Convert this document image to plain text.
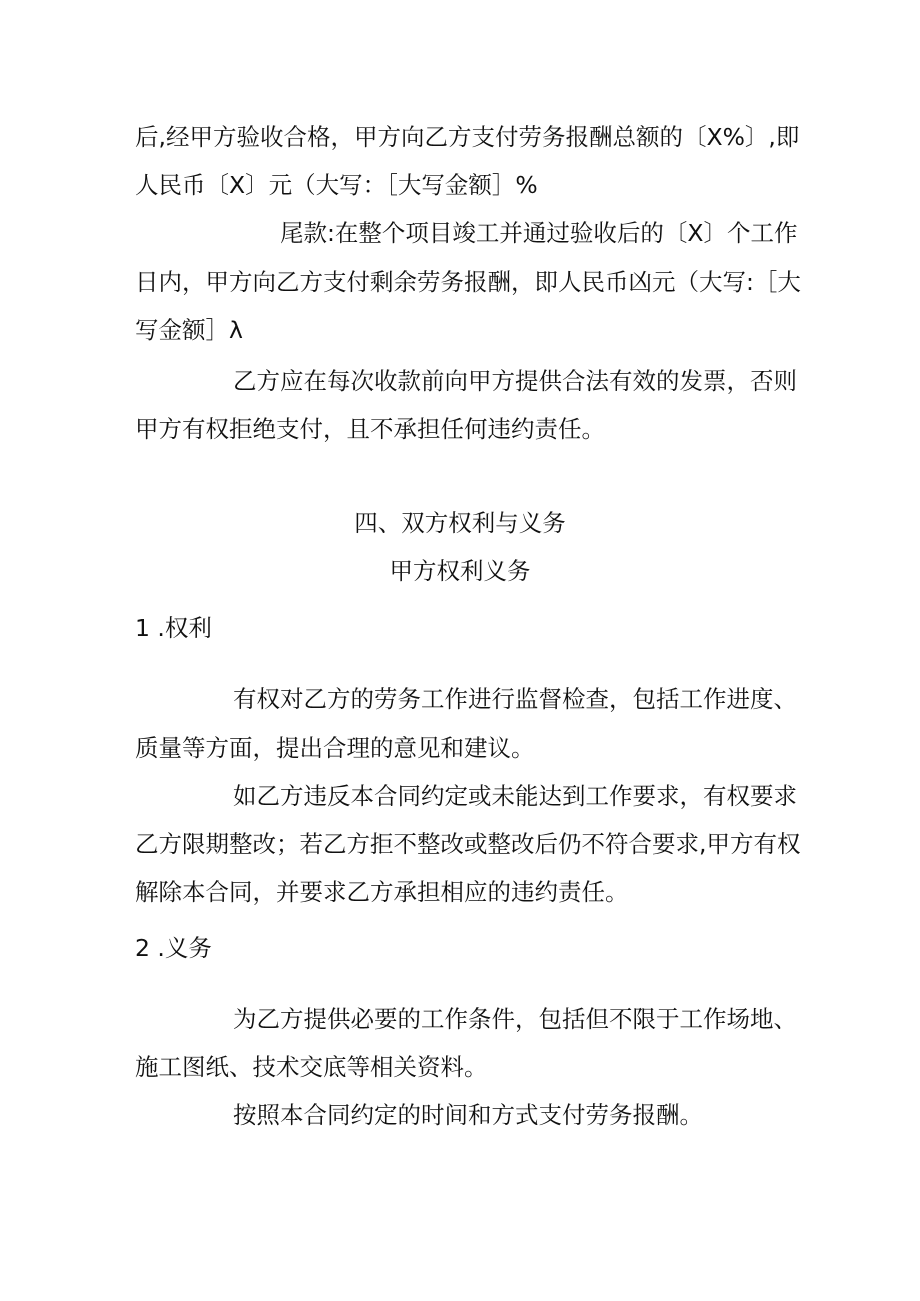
后,经甲方验收合格，甲方向乙方支付劳务报酬总额的〔X%〕,即
人民币〔X〕元（大写：［大写金额］%
尾款:在整个项目竣工并通过验收后的〔X〕个工作
日内，甲方向乙方支付剩余劳务报酬，即人民币凶元（大写:［大
写金额］λ
乙方应在每次收款前向甲方提供合法有效的发票，否则
甲方有权拒绝支付，且不承担任何违约责任。
四、双方权利与义务
甲方权利义务
1 .权利
有权对乙方的劳务工作进行监督检查，包括工作进度、
质量等方面，提出合理的意见和建议。
如乙方违反本合同约定或未能达到工作要求，有权要求
乙方限期整改；若乙方拒不整改或整改后仍不符合要求,甲方有权
解除本合同，并要求乙方承担相应的违约责任。
2 .义务
为乙方提供必要的工作条件，包括但不限于工作场地、
施工图纸、技术交底等相关资料。
按照本合同约定的时间和方式支付劳务报酬。
